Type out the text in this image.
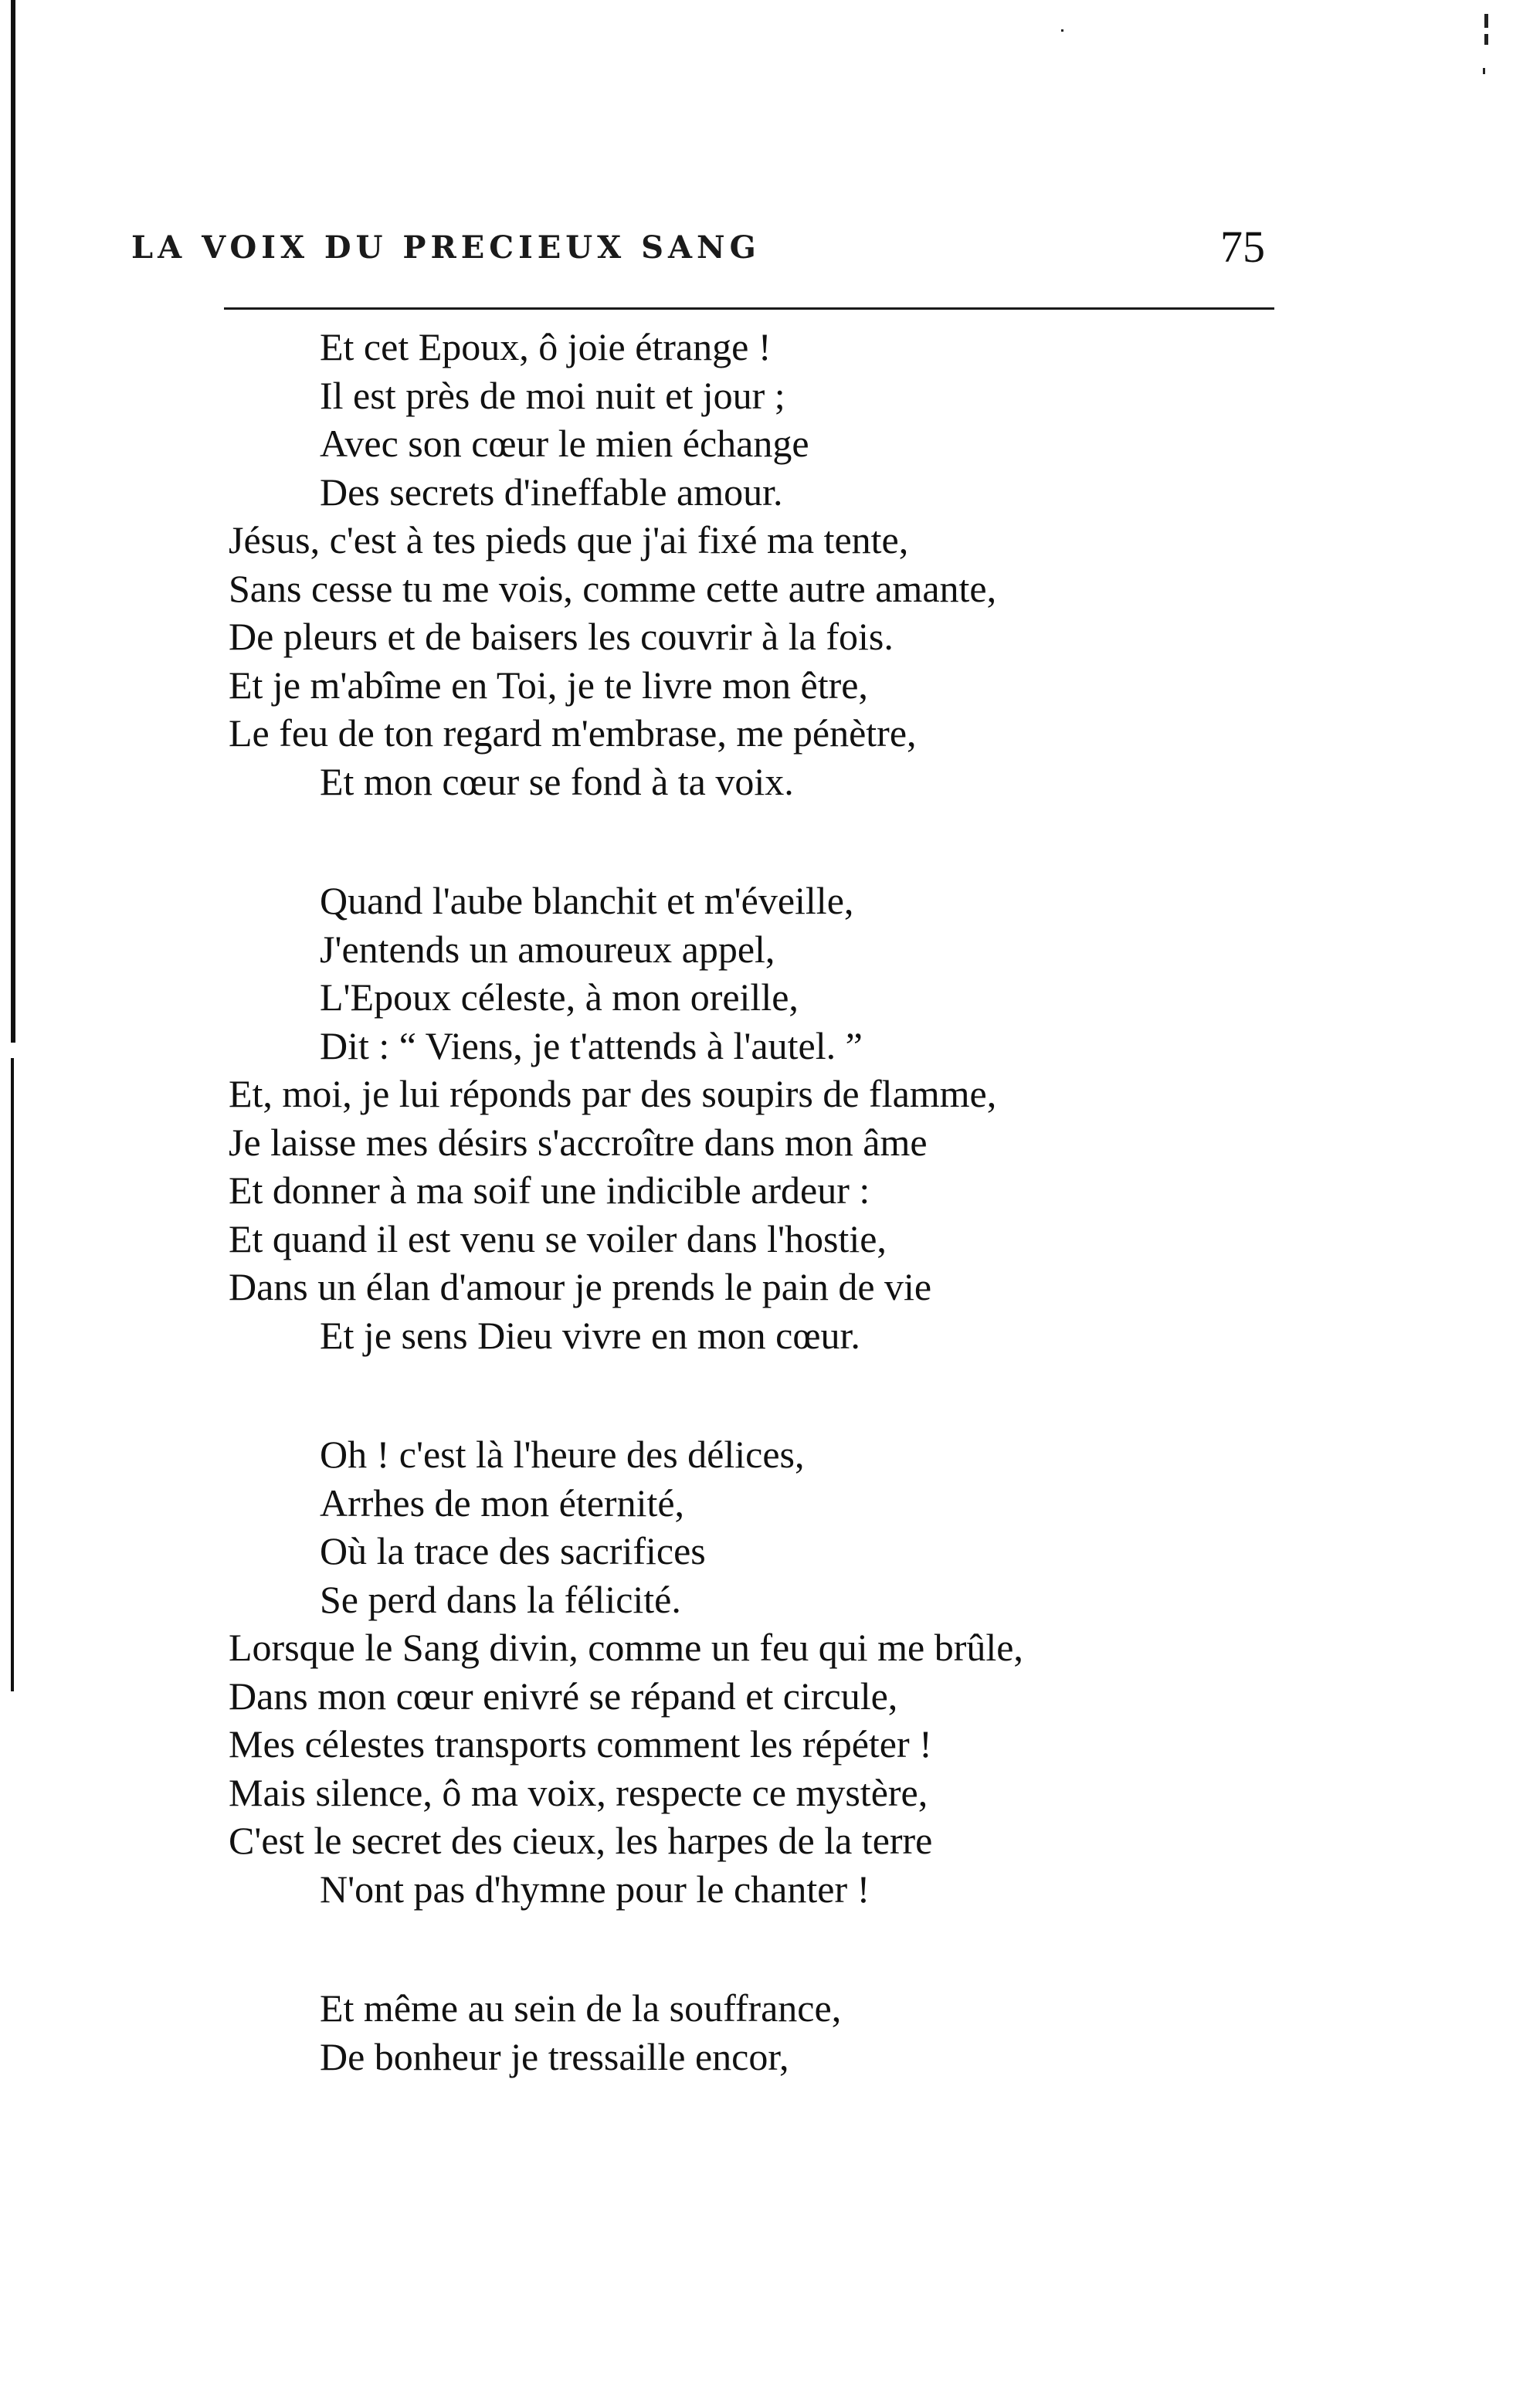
LA VOIX DU PRECIEUX SANG	75
Et cet Epoux, ô joie étrange !
Il est près de moi nuit et jour ;
Avec son cœur le mien échange
Des secrets d'ineffable amour.
Jésus, c'est à tes pieds que j'ai fixé ma tente,
Sans cesse tu me vois, comme cette autre amante,
De pleurs et de baisers les couvrir à la fois.
Et je m'abîme en Toi, je te livre mon être,
Le feu de ton regard m'embrase, me pénètre,
Et mon cœur se fond à ta voix.
Quand l'aube blanchit et m'éveille,
J'entends un amoureux appel,
L'Epoux céleste, à mon oreille,
Dit : “ Viens, je t'attends à l'autel. ”
Et, moi, je lui réponds par des soupirs de flamme,
Je laisse mes désirs s'accroître dans mon âme
Et donner à ma soif une indicible ardeur :
Et quand il est venu se voiler dans l'hostie,
Dans un élan d'amour je prends le pain de vie
Et je sens Dieu vivre en mon cœur.
Oh ! c'est là l'heure des délices,
Arrhes de mon éternité,
Où la trace des sacrifices
Se perd dans la félicité.
Lorsque le Sang divin, comme un feu qui me brûle,
Dans mon cœur enivré se répand et circule,
Mes célestes transports comment les répéter !
Mais silence, ô ma voix, respecte ce mystère,
C'est le secret des cieux, les harpes de la terre
N'ont pas d'hymne pour le chanter !
Et même au sein de la souffrance,
De bonheur je tressaille encor,
